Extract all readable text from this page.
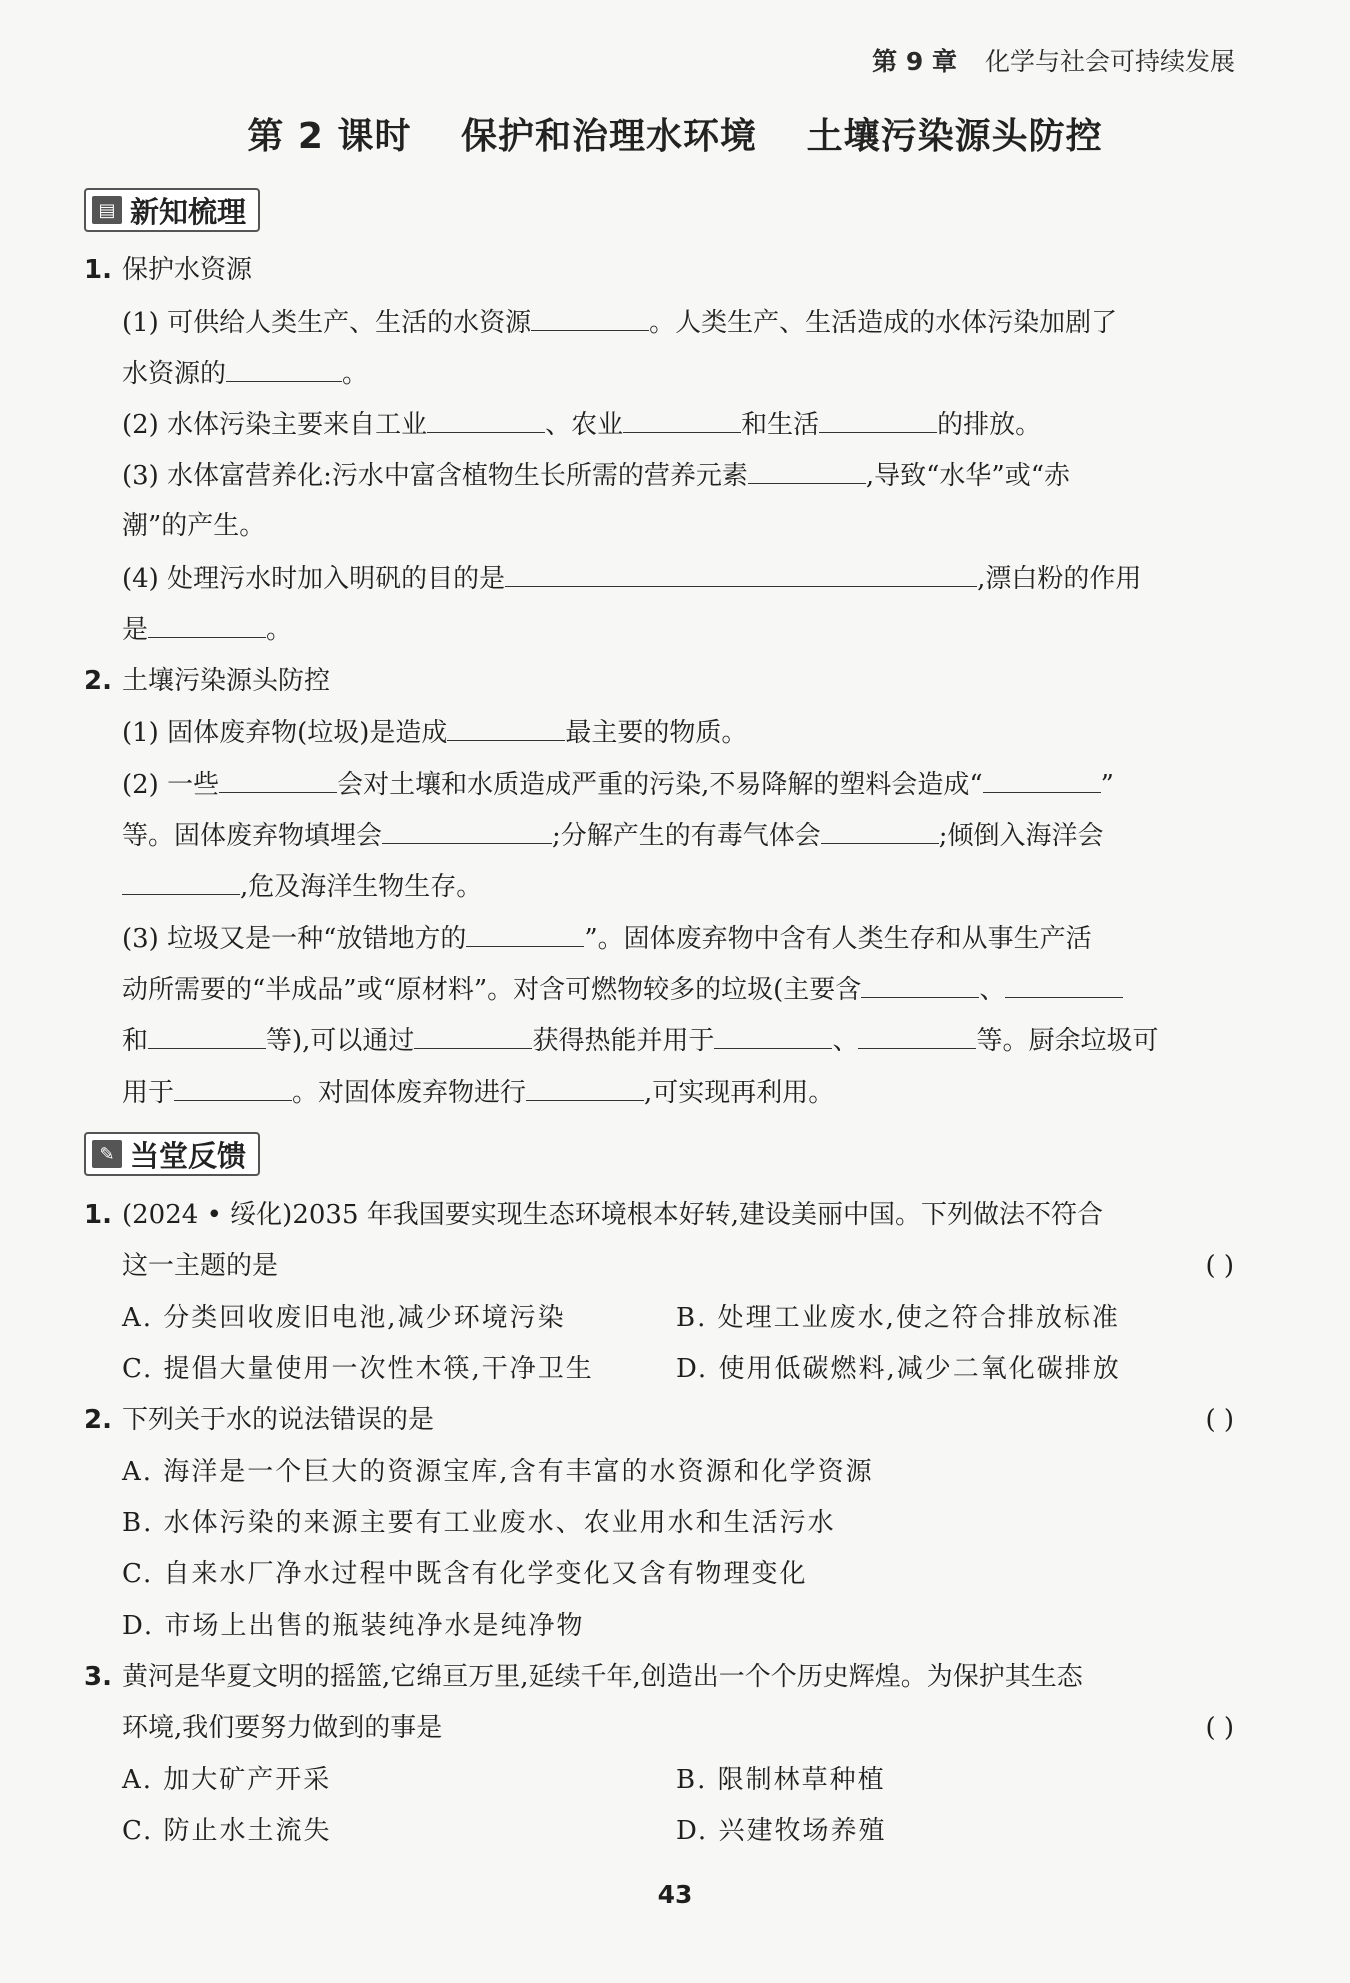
第 9 章 化学与社会可持续发展
第 2 课时 保护和治理水环境 土壤污染源头防控
▤ 新知梳理
1. 保护水资源
(1) 可供给人类生产、生活的水资源	。人类生产、生活造成的水体污染加剧了
水资源的	。
(2) 水体污染主要来自工业	、农业	和生活	的排放。
(3) 水体富营养化:污水中富含植物生长所需的营养元素	,导致“水华”或“赤
潮”的产生。
(4) 处理污水时加入明矾的目的是	,漂白粉的作用
是	。
2. 土壤污染源头防控
(1) 固体废弃物(垃圾)是造成	最主要的物质。
(2) 一些	会对土壤和水质造成严重的污染,不易降解的塑料会造成“	”
等。固体废弃物填埋会	;分解产生的有毒气体会	;倾倒入海洋会
,危及海洋生物生存。
(3) 垃圾又是一种“放错地方的	”。固体废弃物中含有人类生存和从事生产活
动所需要的“半成品”或“原材料”。对含可燃物较多的垃圾(主要含	、
和	等),可以通过	获得热能并用于	、	等。厨余垃圾可
用于	。对固体废弃物进行	,可实现再利用。
✎ 当堂反馈
1. (2024 • 绥化)2035 年我国要实现生态环境根本好转,建设美丽中国。下列做法不符合
这一主题的是	( )
A. 分类回收废旧电池,减少环境污染	B. 处理工业废水,使之符合排放标准
C. 提倡大量使用一次性木筷,干净卫生	D. 使用低碳燃料,减少二氧化碳排放
2. 下列关于水的说法错误的是	( )
A. 海洋是一个巨大的资源宝库,含有丰富的水资源和化学资源
B. 水体污染的来源主要有工业废水、农业用水和生活污水
C. 自来水厂净水过程中既含有化学变化又含有物理变化
D. 市场上出售的瓶装纯净水是纯净物
3. 黄河是华夏文明的摇篮,它绵亘万里,延续千年,创造出一个个历史辉煌。为保护其生态
环境,我们要努力做到的事是	( )
A. 加大矿产开采	B. 限制林草种植
C. 防止水土流失	D. 兴建牧场养殖
43
